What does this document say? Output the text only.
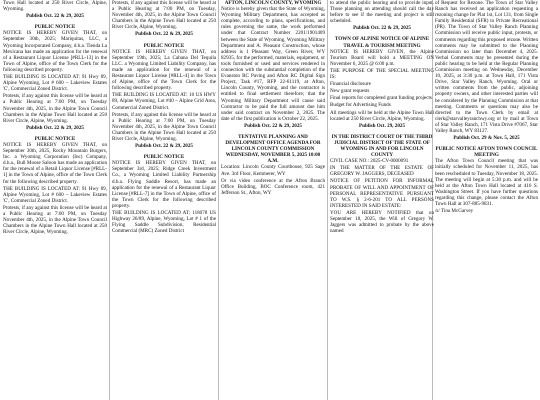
Town Hall located at 250 River Circle, Alpine, Wyoming.

Publish Oct. 22 & 29, 2025

PUBLIC NOTICE

NOTICE IS HEREBY GIVEN THAT, on September 30th, 2025; Mariquitas, LLC, a Wyoming Incorporated Company, d.b.a. Tienda La Mexicana has made an application for the renewal of a Restaurant Liquor License [#RLL-13] in the Town of Alpine, office of the Town Clerk for the following described property.

THE BUILDING IS LOCATED AT: 91 Hwy 89, Alpine Wyoming, Lot # 600 – Lakeview Estates 'C', Commercial Zoned District.

Protests, if any against this license will be heard at a Public Hearing at 7:00 PM, on Tuesday November 4th, 2025, in the Alpine Town Council Chambers in the Alpine Town Hall located at 250 River Circle, Alpine, Wyoming.

Publish Oct. 22 & 29, 2025

PUBLIC NOTICE

NOTICE IS HEREBY GIVEN THAT, on September 30th, 2025, Rocky Mountain Burgers, Inc. a Wyoming Corporation (Inc) Company, d.b.a., Bull Moose Saloon has made an application for the renewal of a Retail Liquor License [#RLL-1] in the Town of Alpine, office of the Town Clerk for the following described property.

THE BUILDING IS LOCATED AT: 91 Hwy 89, Alpine Wyoming, Lot # 600 – Lakeview Estates 'C', Commercial Zoned District.

Protests, if any against this license will be heard at a Public Hearing at 7:00 PM, on Tuesday November 4th, 2025, in the Alpine Town Council Chambers in the Alpine Town Hall located at 250 River Circle, Alpine, Wyoming.

Protests, if any against this license will be heard at a Public Hearing at 7:00 PM, on Tuesday, November 4th, 2025, in the Alpine Town Council Chambers in the Alpine Town Hall located at 250 River Circle, Alpine, Wyoming.

Publish Oct. 22 & 29, 2025

PUBLIC NOTICE

NOTICE IS HEREBY GIVEN THAT, on September 19th, 2025; La Cabana Del Tequila LLC. a Wyoming Limited Liability Company, has made an application for the renewal of a Restaurant Liquor License [#RLL-4] in the Town of Alpine, office of the Town Clerk for the following described property.

THE BUILDING IS LOCATED AT: 10 US HWY 89, Alpine Wyoming, Lot #40 – Alpine Grid Area, Commercial Zoned District.

Protests, if any against this license will be heard at a Public Hearing at 7:00 PM, on Tuesday November 4th, 2025, in the Alpine Town Council Chambers in the Alpine Town Hall located at 250 River Circle, Alpine, Wyoming.

Publish Oct. 22 & 29, 2025

PUBLIC NOTICE

NOTICE IS HEREBY GIVEN THAT, on September 3rd, 2025; Ridge Creek Investment Co., a Wyoming Limited Liability Partnership d.b.a. Flying Saddle Resort, has made an application for the renewal of a Restaurant Liquor License [#RLL-7] in the Town of Alpine, office of the Town Clerk for the following described property.

THE BUILDING IS LOCATED AT: 118078 US Highway 26/89, Alpine, Wyoming, Lot # 1 of the Flying Saddle Subdivision, Residential Commercial (MRC) Zoned District

AFTON, LINCOLN COUNTY, WYOMING

Notice is hereby given that the State of Wyoming, Wyoming Military Department, has accepted as complete, according to plans, specifications, and rules governing the same, the work performed under that Contract Number 2201/1901409 between the State of Wyoming, Wyoming Military Department and A. Pleasant Construction, whose address is 1 Pleasant Way, Green River, WY 82935, for the performed, materials, equipment, or tools furnished or used and services rendered in connection with the substantial completion of the Evanston RC Paving and Afton RC Digital Sign Project, Task #17, RFP 22-61119, at Afton, Lincoln County, Wyoming, and the contractor is entitled to final settlement therefore; that the Wyoming Military Department will cause said Contractor to be paid the full amount due him under said contract on November 2, 2025. The date of the first publication is October 22, 2025.

Publish Oct. 22 & 29, 2025

TENTATIVE PLANNING AND DEVELOPMENT OFFICE AGENDA FOR LINCOLN COUNTY COMMISSION WEDNESDAY, NOVEMBER 5, 2025 10:00 A.M.

Location: Lincoln County Courthouse, 925 Sage Ave. 3rd Floor, Kemmerer, WY

Or via video conference at the Afton Branch Office Building, BOC Conference room, 421 Jefferson St., Afton, WY

to attend the public hearing and to provide input. Those planning on attending should call the day before to see if the meeting and project is still scheduled.

Publish Oct. 22 & 29, 2025

TOWN OF ALPINE NOTICE OF ALPINE TRAVEL & TOURISM MEETING

NOTICE IS HEREBY GIVEN, the Alpine Tourism Board will hold a MEETING ON November 6, 2025 @ 6:00 p.m.

THE PURPOSE OF THE SPECIAL MEETING IS:

Financial disclosure

New grant requests

Final reports for completed grant funding projects

Budget for Advertising Funds

All meetings will be held at the Alpine Town Hall located at 250 River Circle, Alpine, Wyoming.

Publish Oct. 29, 2025

IN THE DISTRICT COURT OF THE THIRD JUDICIAL DISTRICT OF THE STATE OF WYOMING IN AND FOR LINCOLN COUNTY

CIVIL CASE NO.: 2025-CV-0000091

IN THE MATTER OF THE ESTATE OF GREGORY W. JAGGERS, DECEASED

NOTICE OF PETITION FOR INFORMAL PROBATE OF WILL AND APPOINTMENT OF PERSONAL REPRESENTATIVE PURSUANT TO W.S. § 2-6-201 TO ALL PERSONS INTERESTED IN SAID ESTATE:

YOU ARE HEREBY NOTIFIED that on September 18, 2025, the Will of Gregory W. Jaggers was admitted to probate by the above named

of Request for Rezone. The Town of Star Valley Ranch has received an application requesting a rezoning change for Plat 1st, Lot 131, from Single Family Residential (SFR) to Private Recreational (PR). The Town of Star Valley Ranch Planning Commission will receive public input, protests, or comments regarding this proposed rezone. Written comments may be submitted to the Planning Commission no later than December 4, 2025. Verbal Comments may be presented during the public hearing to be held at the Regular Planning Commission meeting on Wednesday, December 10, 2025, at 3:30 p.m. at Town Hall, 171 Vista Drive, Star Valley Ranch, Wyoming. Oral or written comments from the public, adjoining property owners, and other interested parties will be considered by the Planning Commission at that meeting. Comments or questions may also be directed to the Town Clerk by email at clerk@starvalleyranchwy.org or by mail at Town of Star Valley Ranch, 171 Vista Drive #7067, Star Valley Ranch, WY 83127.

Publish Oct. 29 & Nov. 5, 2025

PUBLIC NOTICE AFTON TOWN COUNCIL MEETING

The Afton Town Council meeting that was initially scheduled for November 11, 2025, has been rescheduled to Tuesday, November 18, 2025. The meeting will begin at 5:30 p.m. and will be held at the Afton Town Hall located at 416 S. Washington Street. If you have further questions regarding this change, please contact the Afton Town Hall at 307-885-9831.

/s/ Tina McGarvey
